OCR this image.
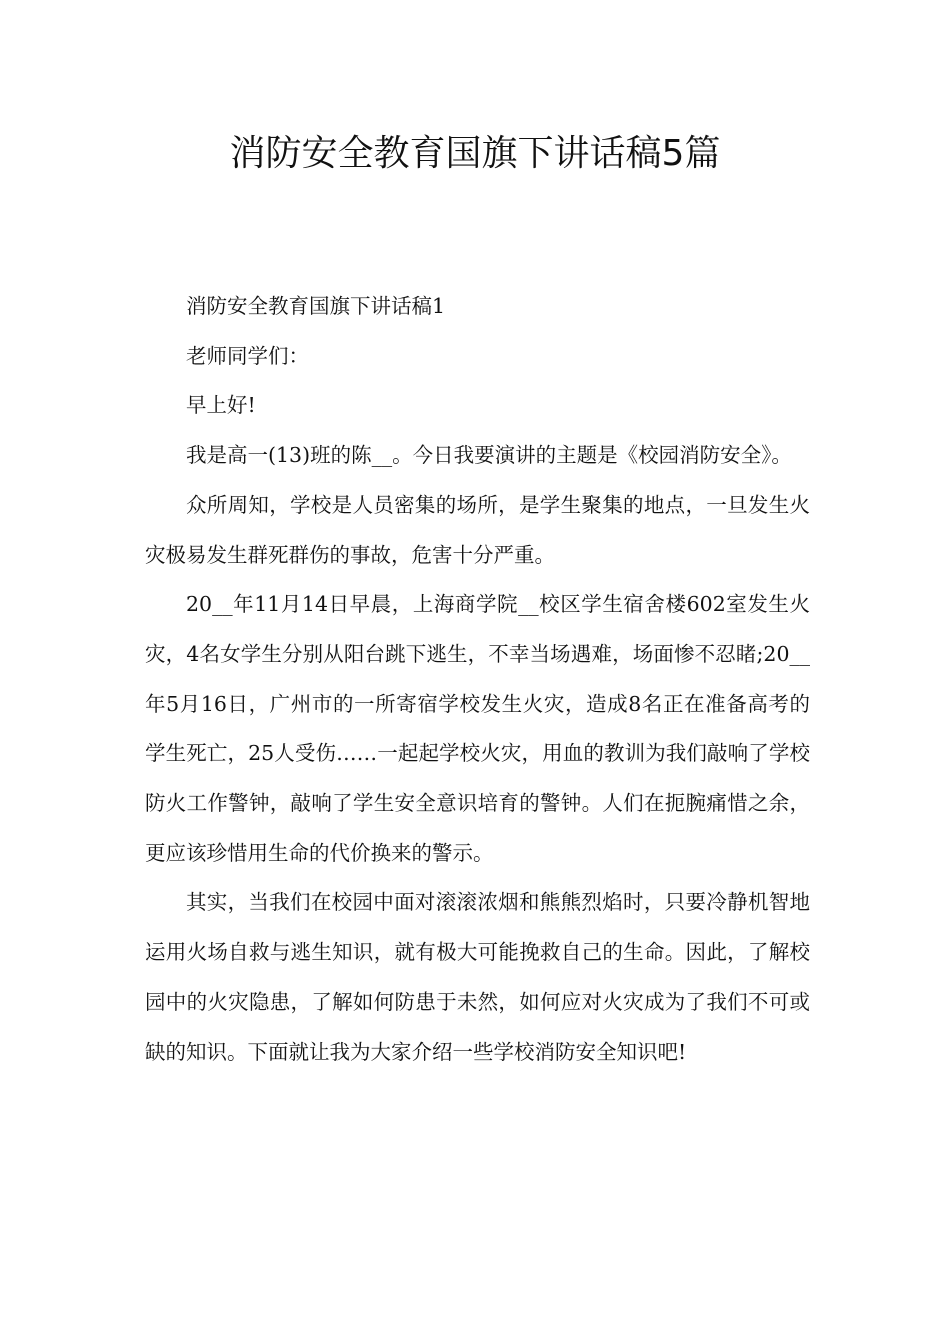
消防安全教育国旗下讲话稿5篇

消防安全教育国旗下讲话稿1

老师同学们：

早上好!

我是高一(13)班的陈__。今日我要演讲的主题是《校园消防安全》。

众所周知，学校是人员密集的场所，是学生聚集的地点，一旦发生火灾极易发生群死群伤的事故，危害十分严重。

20__年11月14日早晨，上海商学院__校区学生宿舍楼602室发生火灾，4名女学生分别从阳台跳下逃生，不幸当场遇难，场面惨不忍睹;20__年5月16日，广州市的一所寄宿学校发生火灾，造成8名正在准备高考的学生死亡，25人受伤……一起起学校火灾，用血的教训为我们敲响了学校防火工作警钟，敲响了学生安全意识培育的警钟。人们在扼腕痛惜之余，更应该珍惜用生命的代价换来的警示。

其实，当我们在校园中面对滚滚浓烟和熊熊烈焰时，只要冷静机智地运用火场自救与逃生知识，就有极大可能挽救自己的生命。因此，了解校园中的火灾隐患，了解如何防患于未然，如何应对火灾成为了我们不可或缺的知识。下面就让我为大家介绍一些学校消防安全知识吧!
